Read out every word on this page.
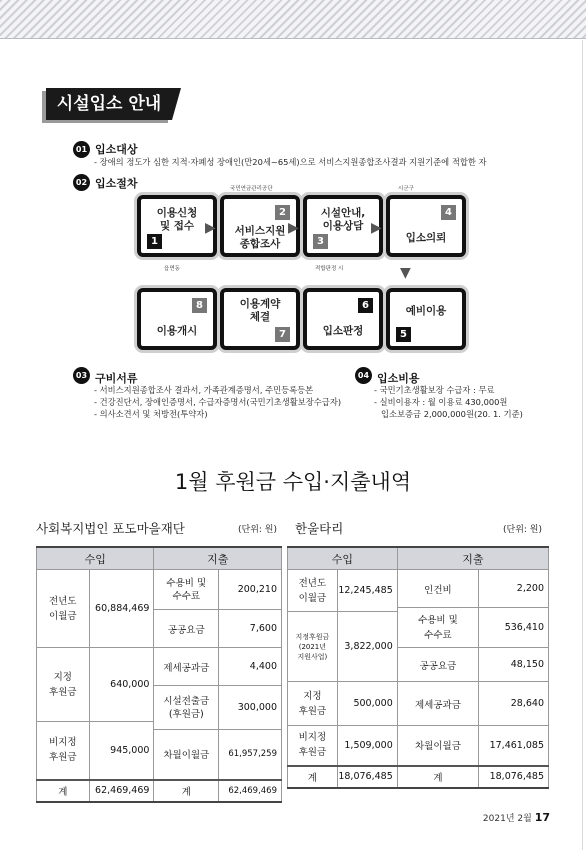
시설입소 안내
01 입소대상
- 장애의 정도가 심한 지적·자폐성 장애인(만20세~65세)으로 서비스지원종합조사결과 지원기준에 적합한 자
02 입소절차
이용신청
및 접수
1
읍면동
▶
2
서비스지원
종합조사
국민연금관리공단
▶
시설안내,
이용상담
3
적합판정 시
▶
4
입소의뢰
시군구
▼
예비이용
5
6
입소판정
이용계약
체결
7
8
이용개시
03 구비서류
- 서비스지원종합조사 결과서, 가족관계증명서, 주민등록등본
- 건강진단서, 장애인증명서, 수급자증명서(국민기초생활보장수급자)
- 의사소견서 및 처방전(투약자)
04 입소비용
- 국민기초생활보장 수급자 : 무료
- 실비이용자 : 월 이용료 430,000원
입소보증금 2,000,000원(20. 1. 기준)
1월 후원금 수입·지출내역
사회복지법인 포도마을재단	(단위: 원)
수입		지출	
전년도
이월금	60,884,469	수용비 및
수수료	200,210
		공공요금	7,600
지정
후원금	640,000	제세공과금	4,400
		시설전출금
(후원금)	300,000
비지정
후원금	945,000		
		차월이월금	61,957,259
계	62,469,469	계	62,469,469
한울타리	(단위: 원)
수입		지출	
전년도
이월금	12,245,485	인건비	2,200
		수용비 및
수수료	536,410
지정후원금
(2021년
지원사업)	3,822,000		
		공공요금	48,150
지정
후원금	500,000	제세공과금	28,640
비지정
후원금	1,509,000	차월이월금	17,461,085
계	18,076,485	계	18,076,485
2021년 2월 17
